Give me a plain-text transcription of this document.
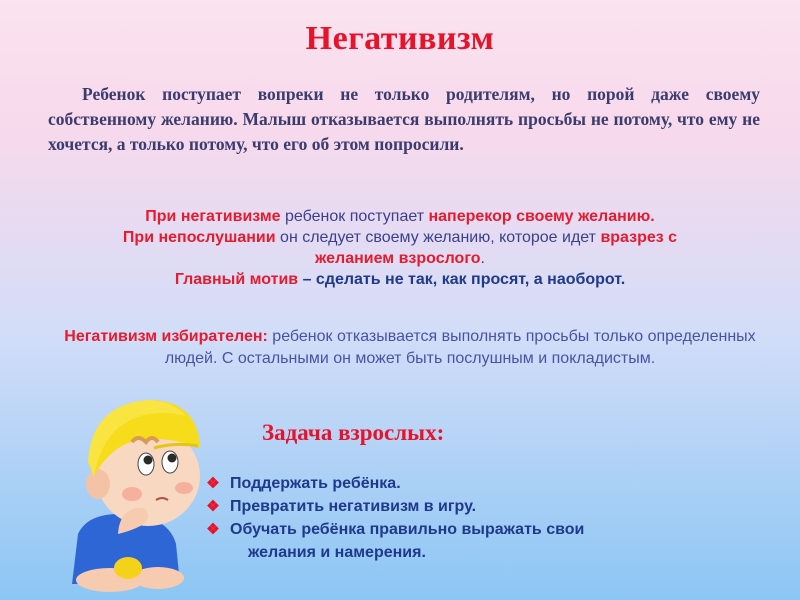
Негативизм
Ребенок поступает вопреки не только родителям, но порой даже своему собственному желанию. Малыш отказывается выполнять просьбы не потому, что ему не хочется, а только потому, что его об этом попросили.
При негативизме ребенок поступает наперекор своему желанию.
При непослушании он следует своему желанию, которое идет вразрез с
желанием взрослого.
Главный мотив – сделать не так, как просят, а наоборот.
Негативизм избирателен: ребенок отказывается выполнять просьбы только определенных людей. С остальными он может быть послушным и покладистым.
Задача взрослых:
❖ Поддержать ребёнка.
❖ Превратить негативизм в игру.
❖ Обучать ребёнка правильно выражать свои
желания и намерения.
